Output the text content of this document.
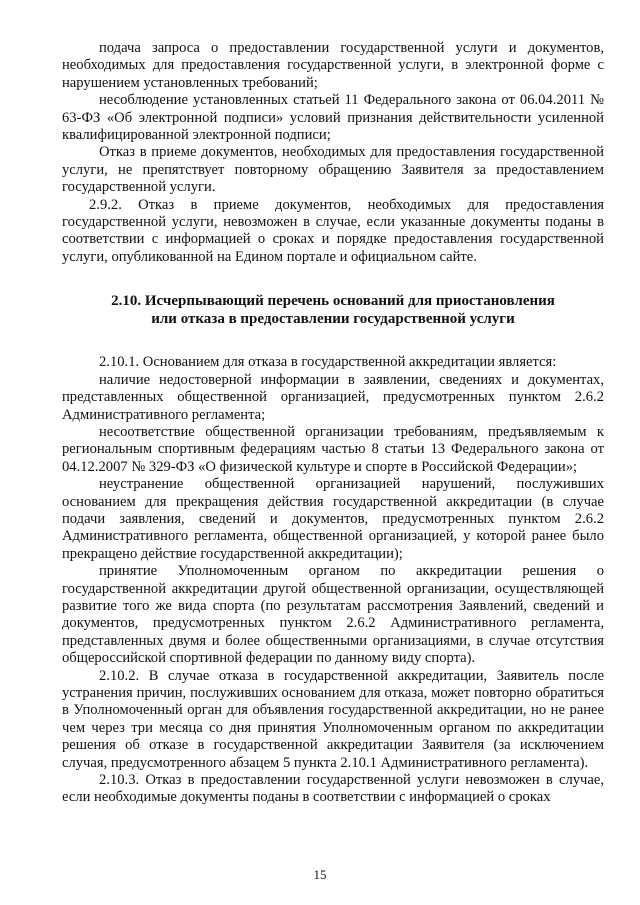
подача запроса о предоставлении государственной услуги и документов, необходимых для предоставления государственной услуги, в электронной форме с нарушением установленных требований;

несоблюдение установленных статьей 11 Федерального закона от 06.04.2011 № 63-ФЗ «Об электронной подписи» условий признания действительности усиленной квалифицированной электронной подписи;

Отказ в приеме документов, необходимых для предоставления государственной услуги, не препятствует повторному обращению Заявителя за предоставлением государственной услуги.

2.9.2. Отказ в приеме документов, необходимых для предоставления государственной услуги, невозможен в случае, если указанные документы поданы в соответствии с информацией о сроках и порядке предоставления государственной услуги, опубликованной на Едином портале и официальном сайте.

2.10. Исчерпывающий перечень оснований для приостановления
или отказа в предоставлении государственной услуги

2.10.1. Основанием для отказа в государственной аккредитации является:

наличие недостоверной информации в заявлении, сведениях и документах, представленных общественной организацией, предусмотренных пунктом 2.6.2 Административного регламента;

несоответствие общественной организации требованиям, предъявляемым к региональным спортивным федерациям частью 8 статьи 13 Федерального закона от 04.12.2007 № 329-ФЗ «О физической культуре и спорте в Российской Федерации»;

неустранение общественной организацией нарушений, послуживших основанием для прекращения действия государственной аккредитации (в случае подачи заявления, сведений и документов, предусмотренных пунктом 2.6.2 Административного регламента, общественной организацией, у которой ранее было прекращено действие государственной аккредитации);

принятие Уполномоченным органом по аккредитации решения о государственной аккредитации другой общественной организации, осуществляющей развитие того же вида спорта (по результатам рассмотрения Заявлений, сведений и документов, предусмотренных пунктом 2.6.2 Административного регламента, представленных двумя и более общественными организациями, в случае отсутствия общероссийской спортивной федерации по данному виду спорта).

2.10.2. В случае отказа в государственной аккредитации, Заявитель после устранения причин, послуживших основанием для отказа, может повторно обратиться в Уполномоченный орган для объявления государственной аккредитации, но не ранее чем через три месяца со дня принятия Уполномоченным органом по аккредитации решения об отказе в государственной аккредитации Заявителя (за исключением случая, предусмотренного абзацем 5 пункта 2.10.1 Административного регламента).

2.10.3. Отказ в предоставлении государственной услуги невозможен в случае, если необходимые документы поданы в соответствии с информацией о сроках

15
